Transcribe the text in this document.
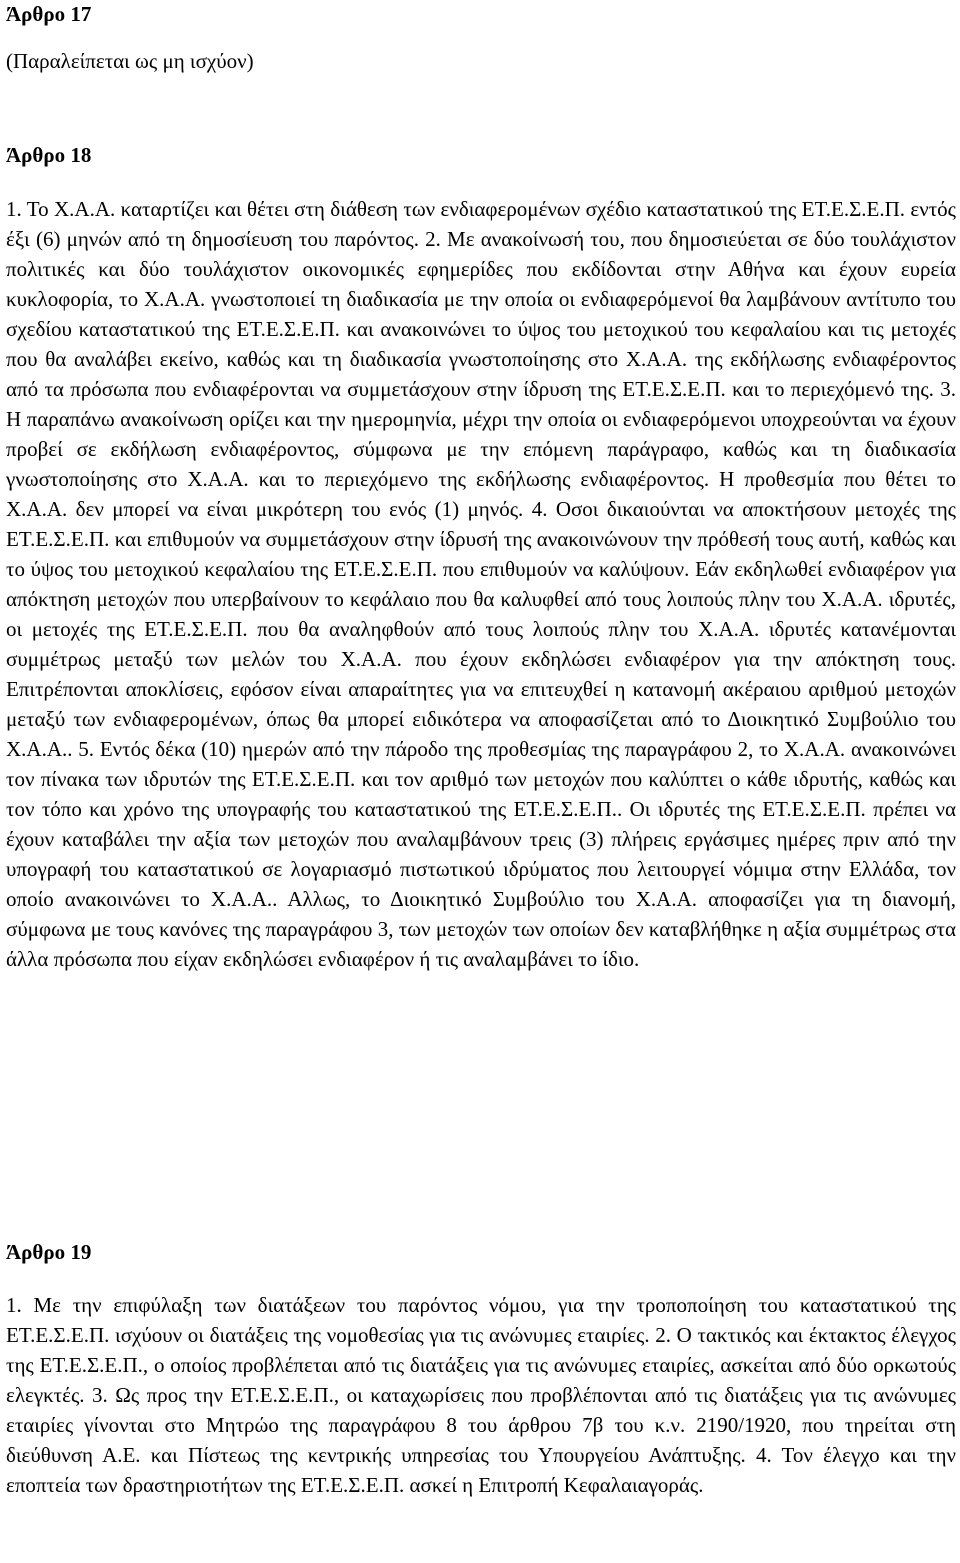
Άρθρο 17

(Παραλείπεται ως μη ισχύον)

Άρθρο 18

1. Το Χ.Α.Α. καταρτίζει και θέτει στη διάθεση των ενδιαφερομένων σχέδιο καταστατικού της ΕΤ.Ε.Σ.Ε.Π. εντός έξι (6) μηνών από τη δημοσίευση του παρόντος. 2. Με ανακοίνωσή του, που δημοσιεύεται σε δύο τουλάχιστον πολιτικές και δύο τουλάχιστον οικονομικές εφημερίδες που εκδίδονται στην Αθήνα και έχουν ευρεία κυκλοφορία, το Χ.Α.Α. γνωστοποιεί τη διαδικασία με την οποία οι ενδιαφερόμενοί θα λαμβάνουν αντίτυπο του σχεδίου καταστατικού της ΕΤ.Ε.Σ.Ε.Π. και ανακοινώνει το ύψος του μετοχικού του κεφαλαίου και τις μετοχές που θα αναλάβει εκείνο, καθώς και τη διαδικασία γνωστοποίησης στο Χ.Α.Α. της εκδήλωσης ενδιαφέροντος από τα πρόσωπα που ενδιαφέρονται να συμμετάσχουν στην ίδρυση της ΕΤ.Ε.Σ.Ε.Π. και το περιεχόμενό της. 3. Η παραπάνω ανακοίνωση ορίζει και την ημερομηνία, μέχρι την οποία οι ενδιαφερόμενοι υποχρεούνται να έχουν προβεί σε εκδήλωση ενδιαφέροντος, σύμφωνα με την επόμενη παράγραφο, καθώς και τη διαδικασία γνωστοποίησης στο Χ.Α.Α. και το περιεχόμενο της εκδήλωσης ενδιαφέροντος. Η προθεσμία που θέτει το Χ.Α.Α. δεν μπορεί να είναι μικρότερη του ενός (1) μηνός. 4. Οσοι δικαιούνται να αποκτήσουν μετοχές της ΕΤ.Ε.Σ.Ε.Π. και επιθυμούν να συμμετάσχουν στην ίδρυσή της ανακοινώνουν την πρόθεσή τους αυτή, καθώς και το ύψος του μετοχικού κεφαλαίου της ΕΤ.Ε.Σ.Ε.Π. που επιθυμούν να καλύψουν. Εάν εκδηλωθεί ενδιαφέρον για απόκτηση μετοχών που υπερβαίνουν το κεφάλαιο που θα καλυφθεί από τους λοιπούς πλην του Χ.Α.Α. ιδρυτές, οι μετοχές της ΕΤ.Ε.Σ.Ε.Π. που θα αναληφθούν από τους λοιπούς πλην του Χ.Α.Α. ιδρυτές κατανέμονται συμμέτρως μεταξύ των μελών του Χ.Α.Α. που έχουν εκδηλώσει ενδιαφέρον για την απόκτηση τους. Επιτρέπονται αποκλίσεις, εφόσον είναι απαραίτητες για να επιτευχθεί η κατανομή ακέραιου αριθμού μετοχών μεταξύ των ενδιαφερομένων, όπως θα μπορεί ειδικότερα να αποφασίζεται από το Διοικητικό Συμβούλιο του Χ.Α.Α.. 5. Εντός δέκα (10) ημερών από την πάροδο της προθεσμίας της παραγράφου 2, το Χ.Α.Α. ανακοινώνει τον πίνακα των ιδρυτών της ΕΤ.Ε.Σ.Ε.Π. και τον αριθμό των μετοχών που καλύπτει ο κάθε ιδρυτής, καθώς και τον τόπο και χρόνο της υπογραφής του καταστατικού της ΕΤ.Ε.Σ.Ε.Π.. Οι ιδρυτές της ΕΤ.Ε.Σ.Ε.Π. πρέπει να έχουν καταβάλει την αξία των μετοχών που αναλαμβάνουν τρεις (3) πλήρεις εργάσιμες ημέρες πριν από την υπογραφή του καταστατικού σε λογαριασμό πιστωτικού ιδρύματος που λειτουργεί νόμιμα στην Ελλάδα, τον οποίο ανακοινώνει το Χ.Α.Α.. Αλλως, το Διοικητικό Συμβούλιο του Χ.Α.Α. αποφασίζει για τη διανομή, σύμφωνα με τους κανόνες της παραγράφου 3, των μετοχών των οποίων δεν καταβλήθηκε η αξία συμμέτρως στα άλλα πρόσωπα που είχαν εκδηλώσει ενδιαφέρον ή τις αναλαμβάνει το ίδιο.

Άρθρο 19

1. Με την επιφύλαξη των διατάξεων του παρόντος νόμου, για την τροποποίηση του καταστατικού της ΕΤ.Ε.Σ.Ε.Π. ισχύουν οι διατάξεις της νομοθεσίας για τις ανώνυμες εταιρίες. 2. Ο τακτικός και έκτακτος έλεγχος της ΕΤ.Ε.Σ.Ε.Π., ο οποίος προβλέπεται από τις διατάξεις για τις ανώνυμες εταιρίες, ασκείται από δύο ορκωτούς ελεγκτές. 3. Ως προς την ΕΤ.Ε.Σ.Ε.Π., οι καταχωρίσεις που προβλέπονται από τις διατάξεις για τις ανώνυμες εταιρίες γίνονται στο Μητρώο της παραγράφου 8 του άρθρου 7β του κ.ν. 2190/1920, που τηρείται στη διεύθυνση Α.Ε. και Πίστεως της κεντρικής υπηρεσίας του Υπουργείου Ανάπτυξης. 4. Τον έλεγχο και την εποπτεία των δραστηριοτήτων της ΕΤ.Ε.Σ.Ε.Π. ασκεί η Επιτροπή Κεφαλαιαγοράς.
